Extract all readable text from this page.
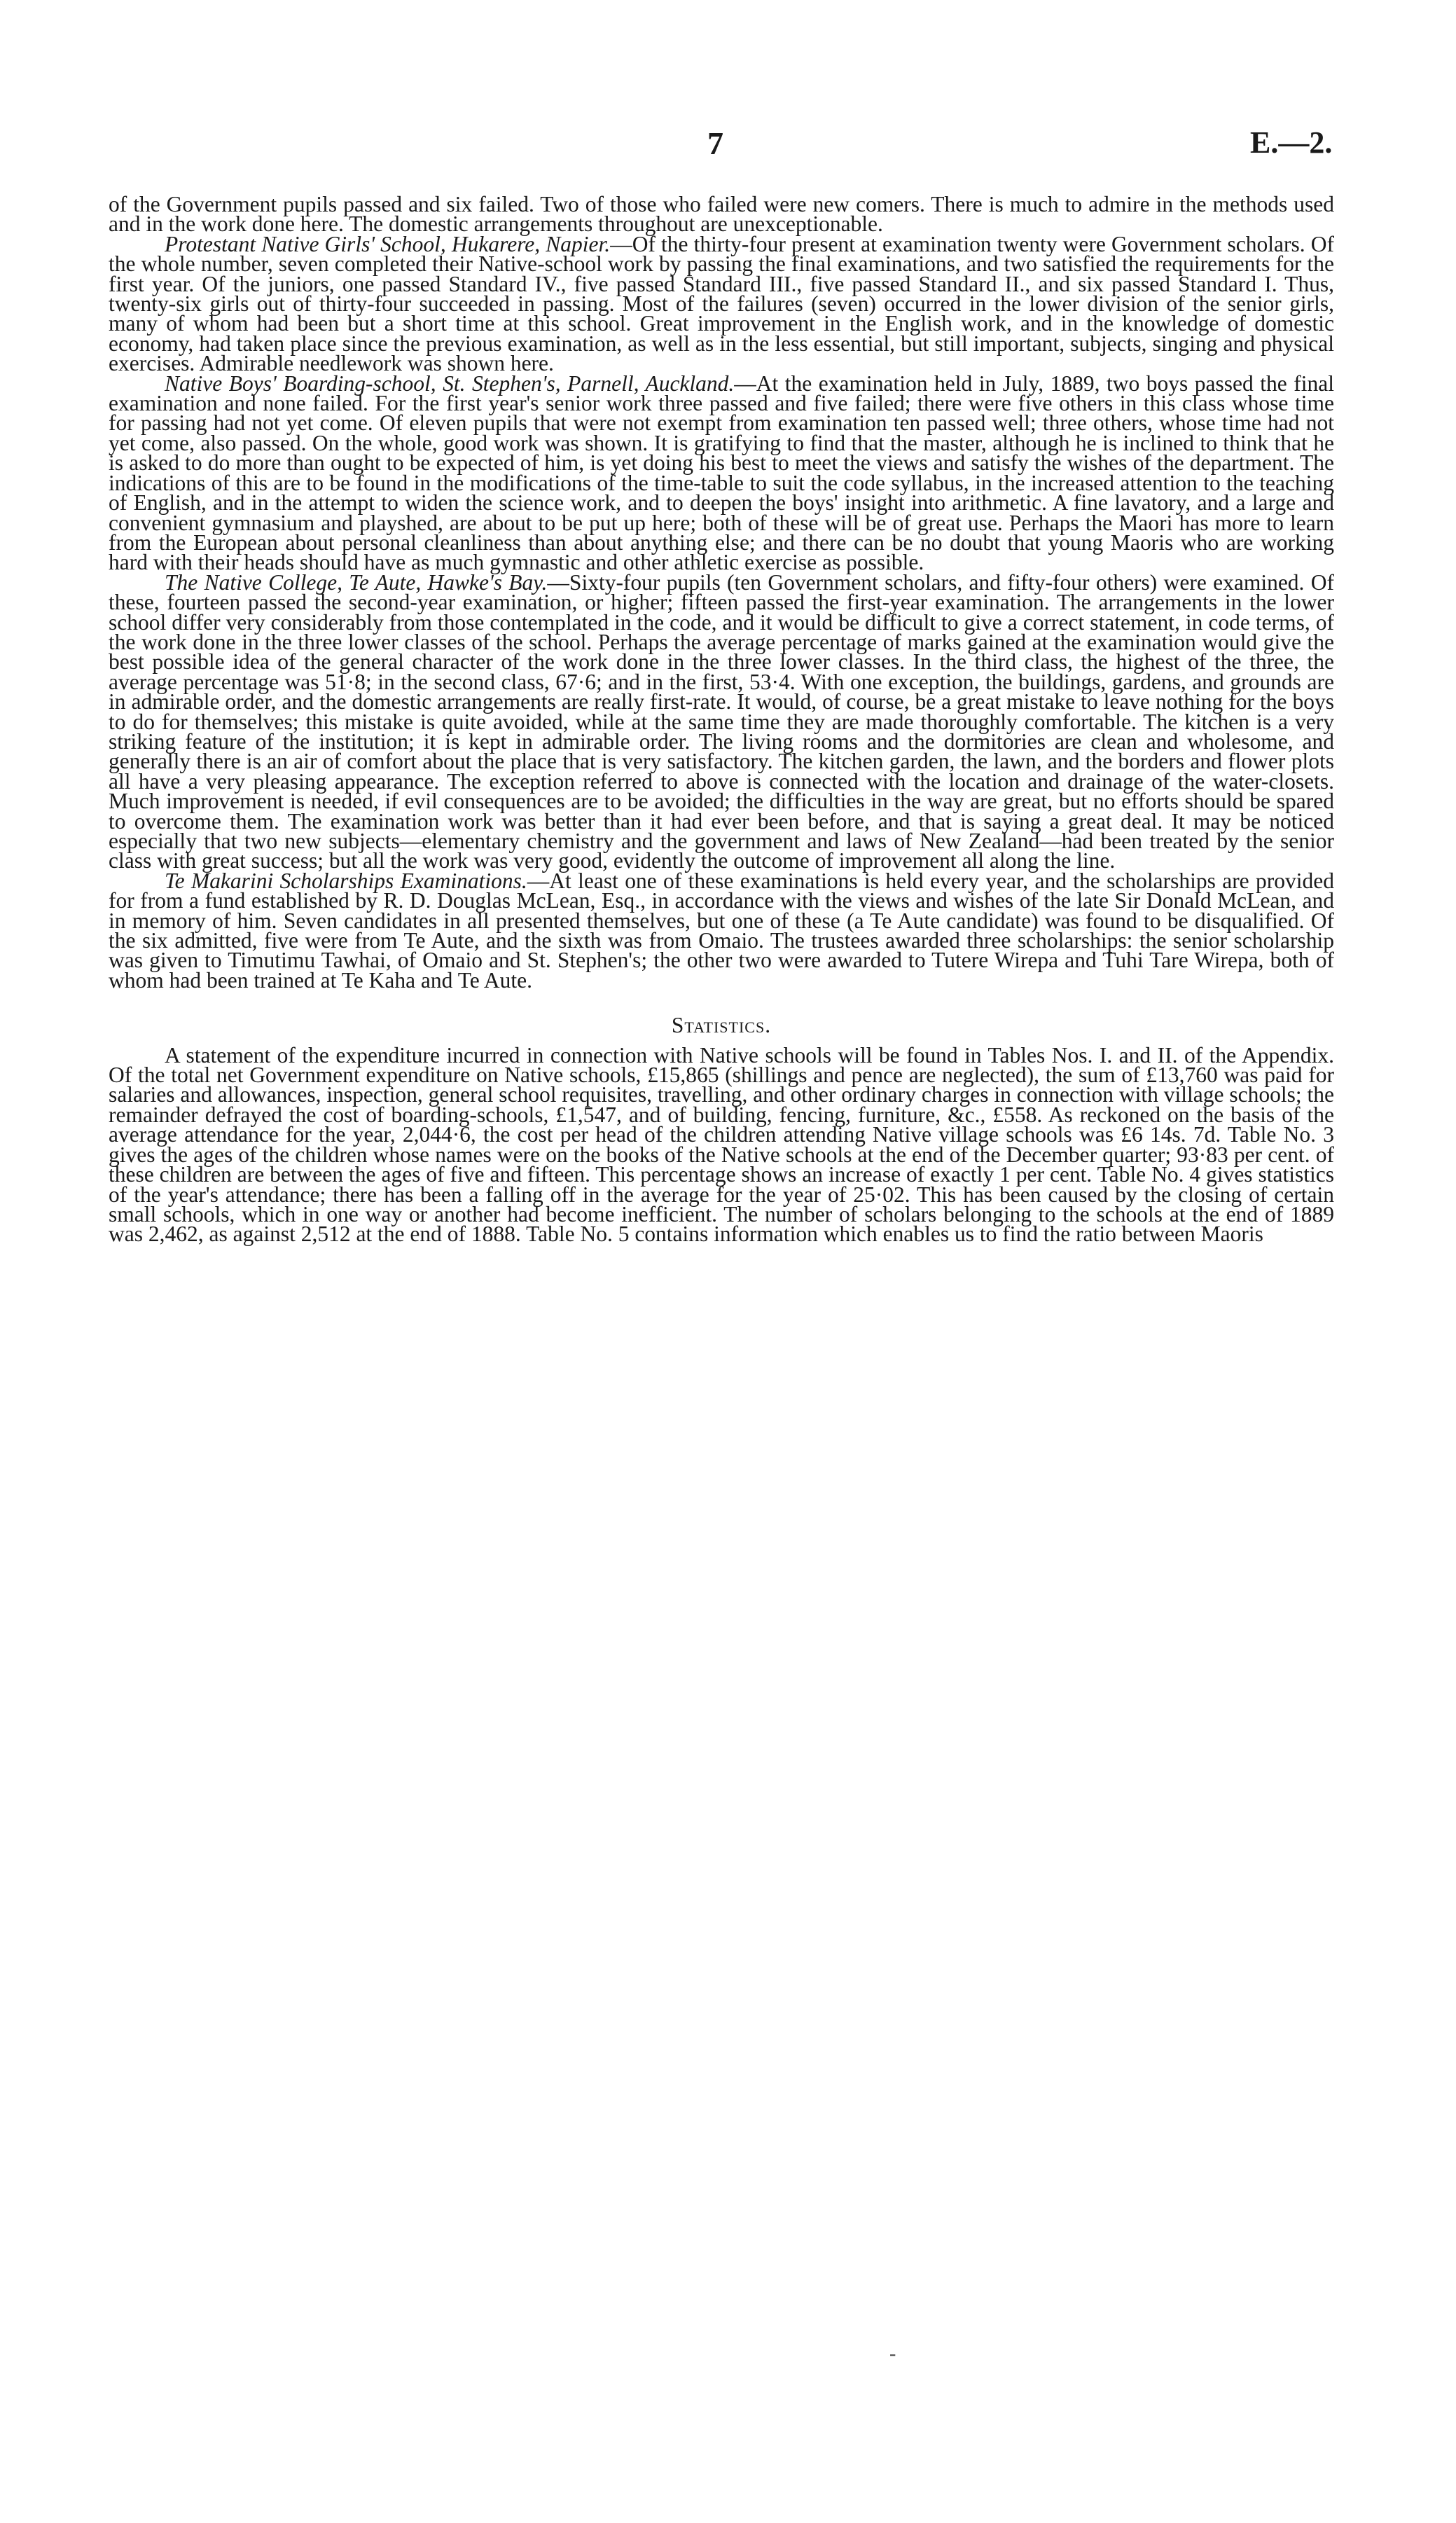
7	E.—2.

of the Government pupils passed and six failed. Two of those who failed were new comers. There is much to admire in the methods used and in the work done here. The domestic arrangements throughout are unexceptionable.

Protestant Native Girls' School, Hukarere, Napier.—Of the thirty-four present at examination twenty were Government scholars. Of the whole number, seven completed their Native-school work by passing the final examinations, and two satisfied the requirements for the first year. Of the juniors, one passed Standard IV., five passed Standard III., five passed Standard II., and six passed Standard I. Thus, twenty-six girls out of thirty-four succeeded in passing. Most of the failures (seven) occurred in the lower division of the senior girls, many of whom had been but a short time at this school. Great improvement in the English work, and in the knowledge of domestic economy, had taken place since the previous examination, as well as in the less essential, but still important, subjects, singing and physical exercises. Admirable needlework was shown here.

Native Boys' Boarding-school, St. Stephen's, Parnell, Auckland.—At the examination held in July, 1889, two boys passed the final examination and none failed. For the first year's senior work three passed and five failed; there were five others in this class whose time for passing had not yet come. Of eleven pupils that were not exempt from examination ten passed well; three others, whose time had not yet come, also passed. On the whole, good work was shown. It is gratifying to find that the master, although he is inclined to think that he is asked to do more than ought to be expected of him, is yet doing his best to meet the views and satisfy the wishes of the department. The indications of this are to be found in the modifications of the time-table to suit the code syllabus, in the increased attention to the teaching of English, and in the attempt to widen the science work, and to deepen the boys' insight into arithmetic. A fine lavatory, and a large and convenient gymnasium and playshed, are about to be put up here; both of these will be of great use. Perhaps the Maori has more to learn from the European about personal cleanliness than about anything else; and there can be no doubt that young Maoris who are working hard with their heads should have as much gymnastic and other athletic exercise as possible.

The Native College, Te Aute, Hawke's Bay.—Sixty-four pupils (ten Government scholars, and fifty-four others) were examined. Of these, fourteen passed the second-year examination, or higher; fifteen passed the first-year examination. The arrangements in the lower school differ very considerably from those contemplated in the code, and it would be difficult to give a correct statement, in code terms, of the work done in the three lower classes of the school. Perhaps the average percentage of marks gained at the examination would give the best possible idea of the general character of the work done in the three lower classes. In the third class, the highest of the three, the average percentage was 51·8; in the second class, 67·6; and in the first, 53·4. With one exception, the buildings, gardens, and grounds are in admirable order, and the domestic arrangements are really first-rate. It would, of course, be a great mistake to leave nothing for the boys to do for themselves; this mistake is quite avoided, while at the same time they are made thoroughly comfortable. The kitchen is a very striking feature of the institution; it is kept in admirable order. The living rooms and the dormitories are clean and wholesome, and generally there is an air of comfort about the place that is very satisfactory. The kitchen garden, the lawn, and the borders and flower plots all have a very pleasing appearance. The exception referred to above is connected with the location and drainage of the water-closets. Much improvement is needed, if evil consequences are to be avoided; the difficulties in the way are great, but no efforts should be spared to overcome them. The examination work was better than it had ever been before, and that is saying a great deal. It may be noticed especially that two new subjects—elementary chemistry and the government and laws of New Zealand—had been treated by the senior class with great success; but all the work was very good, evidently the outcome of improvement all along the line.

Te Makarini Scholarships Examinations.—At least one of these examinations is held every year, and the scholarships are provided for from a fund established by R. D. Douglas McLean, Esq., in accordance with the views and wishes of the late Sir Donald McLean, and in memory of him. Seven candidates in all presented themselves, but one of these (a Te Aute candidate) was found to be disqualified. Of the six admitted, five were from Te Aute, and the sixth was from Omaio. The trustees awarded three scholarships: the senior scholarship was given to Timutimu Tawhai, of Omaio and St. Stephen's; the other two were awarded to Tutere Wirepa and Tuhi Tare Wirepa, both of whom had been trained at Te Kaha and Te Aute.

Statistics.

A statement of the expenditure incurred in connection with Native schools will be found in Tables Nos. I. and II. of the Appendix. Of the total net Government expenditure on Native schools, £15,865 (shillings and pence are neglected), the sum of £13,760 was paid for salaries and allowances, inspection, general school requisites, travelling, and other ordinary charges in connection with village schools; the remainder defrayed the cost of boarding-schools, £1,547, and of building, fencing, furniture, &c., £558. As reckoned on the basis of the average attendance for the year, 2,044·6, the cost per head of the children attending Native village schools was £6 14s. 7d. Table No. 3 gives the ages of the children whose names were on the books of the Native schools at the end of the December quarter; 93·83 per cent. of these children are between the ages of five and fifteen. This percentage shows an increase of exactly 1 per cent. Table No. 4 gives statistics of the year's attendance; there has been a falling off in the average for the year of 25·02. This has been caused by the closing of certain small schools, which in one way or another had become inefficient. The number of scholars belonging to the schools at the end of 1889 was 2,462, as against 2,512 at the end of 1888. Table No. 5 contains information which enables us to find the ratio between Maoris

-
